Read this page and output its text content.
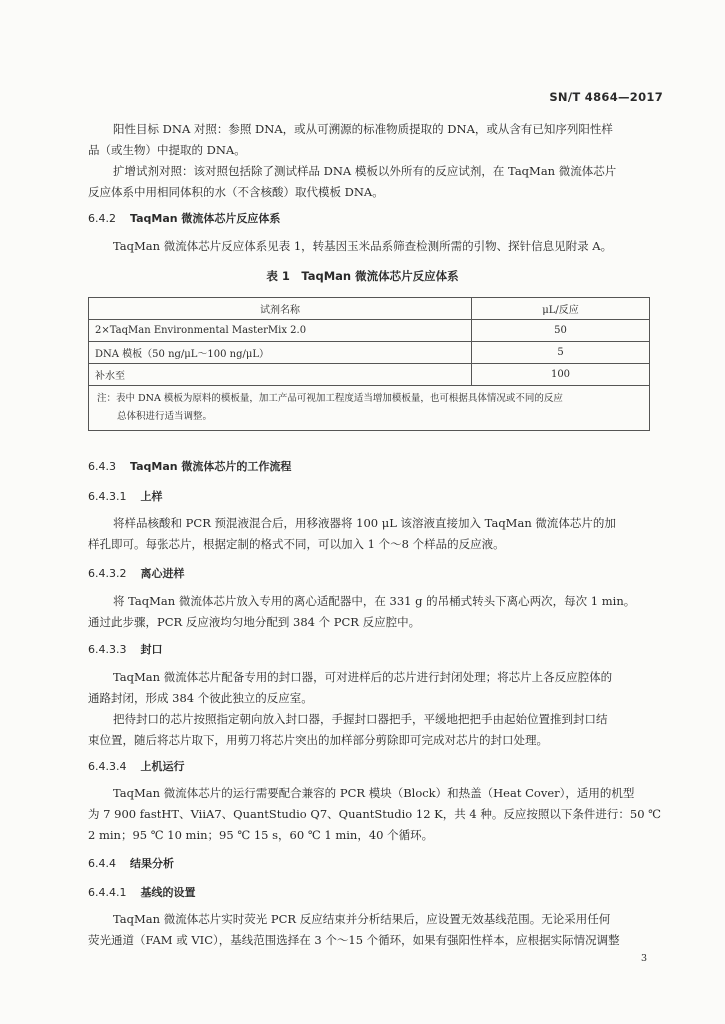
SN/T 4864—2017
阳性目标 DNA 对照：参照 DNA，或从可溯源的标准物质提取的 DNA，或从含有已知序列阳性样
品（或生物）中提取的 DNA。
扩增试剂对照：该对照包括除了测试样品 DNA 模板以外所有的反应试剂，在 TaqMan 微流体芯片
反应体系中用相同体积的水（不含核酸）取代模板 DNA。
6.4.2 TaqMan 微流体芯片反应体系
TaqMan 微流体芯片反应体系见表 1，转基因玉米品系筛查检测所需的引物、探针信息见附录 A。
表 1　TaqMan 微流体芯片反应体系
试剂名称	μL/反应
2×TaqMan Environmental MasterMix 2.0	50
DNA 模板（50 ng/μL～100 ng/μL）	5
补水至	100

注：表中 DNA 模板为原料的模板量，加工产品可视加工程度适当增加模板量，也可根据具体情况或不同的反应
总体积进行适当调整。	
6.4.3 TaqMan 微流体芯片的工作流程
6.4.3.1 上样
将样品核酸和 PCR 预混液混合后，用移液器将 100 μL 该溶液直接加入 TaqMan 微流体芯片的加
样孔即可。每张芯片，根据定制的格式不同，可以加入 1 个～8 个样品的反应液。
6.4.3.2 离心进样
将 TaqMan 微流体芯片放入专用的离心适配器中，在 331 g 的吊桶式转头下离心两次，每次 1 min。
通过此步骤，PCR 反应液均匀地分配到 384 个 PCR 反应腔中。
6.4.3.3 封口
TaqMan 微流体芯片配备专用的封口器，可对进样后的芯片进行封闭处理；将芯片上各反应腔体的
通路封闭，形成 384 个彼此独立的反应室。
把待封口的芯片按照指定朝向放入封口器，手握封口器把手，平缓地把把手由起始位置推到封口结
束位置，随后将芯片取下，用剪刀将芯片突出的加样部分剪除即可完成对芯片的封口处理。
6.4.3.4 上机运行
TaqMan 微流体芯片的运行需要配合兼容的 PCR 模块（Block）和热盖（Heat Cover），适用的机型
为 7 900 fastHT、ViiA7、QuantStudio Q7、QuantStudio 12 K，共 4 种。反应按照以下条件进行：50 ℃
2 min；95 ℃ 10 min；95 ℃ 15 s，60 ℃ 1 min，40 个循环。
6.4.4 结果分析
6.4.4.1 基线的设置
TaqMan 微流体芯片实时荧光 PCR 反应结束并分析结果后，应设置无效基线范围。无论采用任何
荧光通道（FAM 或 VIC），基线范围选择在 3 个～15 个循环，如果有强阳性样本，应根据实际情况调整
3
